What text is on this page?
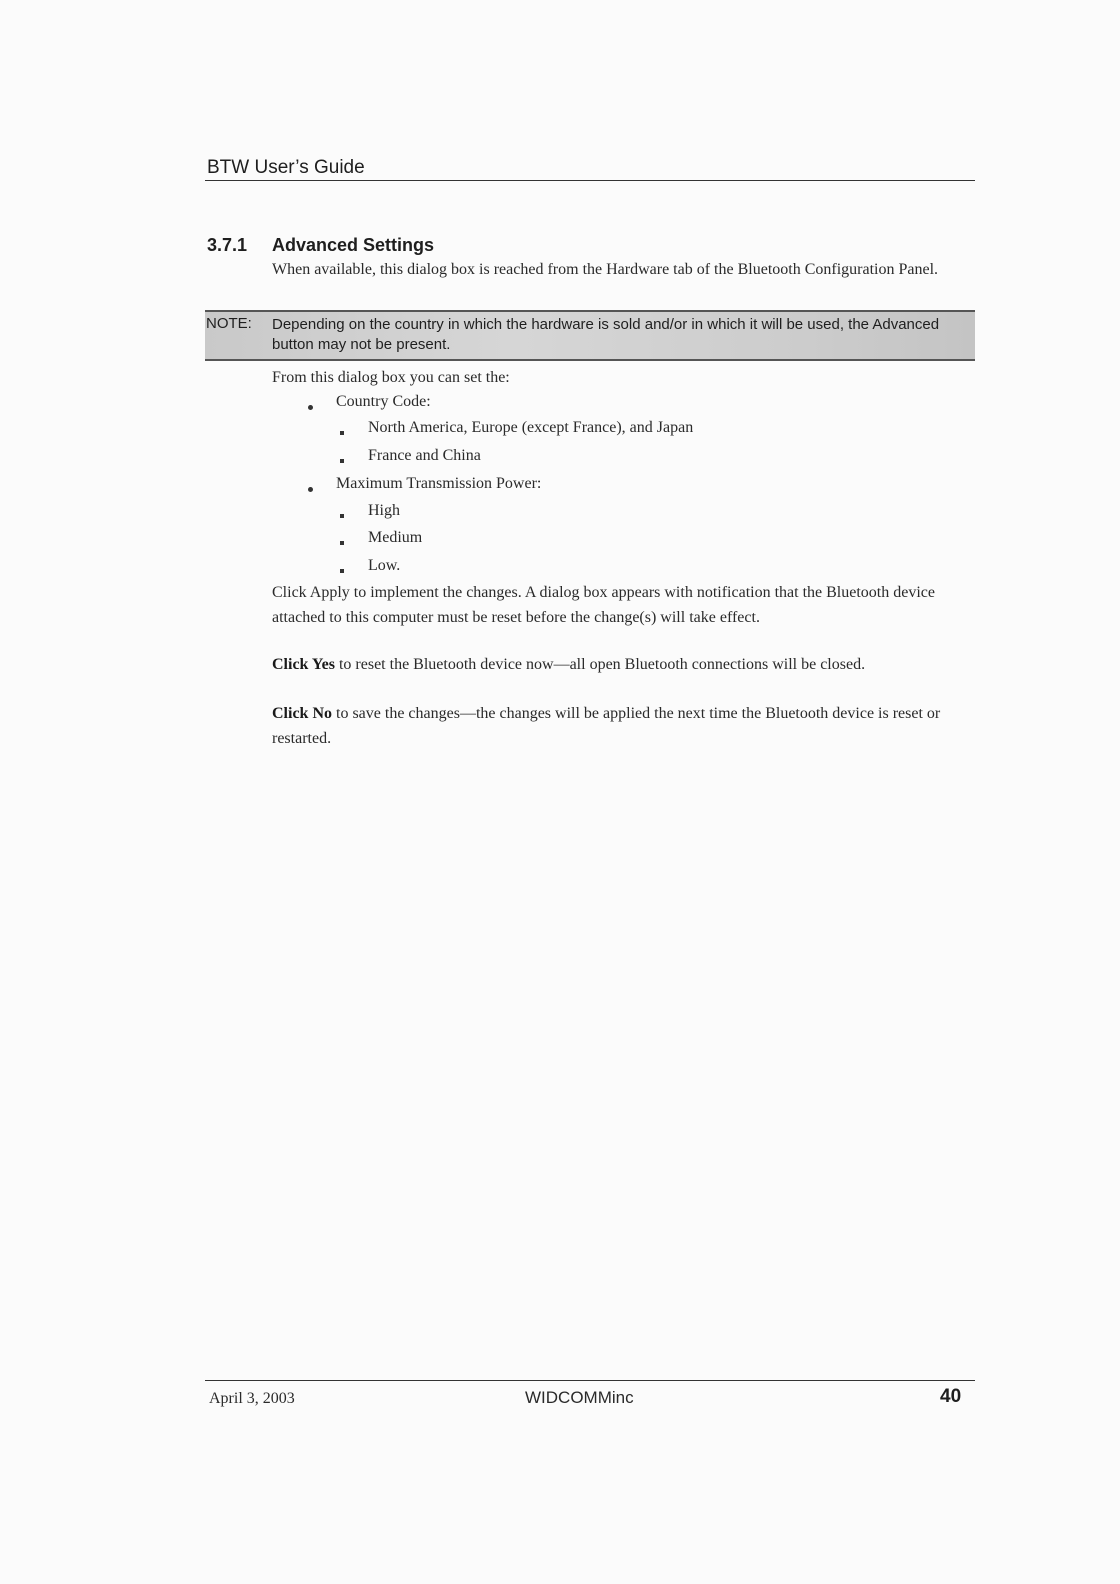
BTW User’s Guide
3.7.1 Advanced Settings
When available, this dialog box is reached from the Hardware tab of the Bluetooth Configuration Panel.
NOTE: Depending on the country in which the hardware is sold and/or in which it will be used, the Advanced button may not be present.
From this dialog box you can set the:
Country Code:
North America, Europe (except France), and Japan
France and China
Maximum Transmission Power:
High
Medium
Low.
Click Apply to implement the changes. A dialog box appears with notification that the Bluetooth device attached to this computer must be reset before the change(s) will take effect.
Click Yes to reset the Bluetooth device now—all open Bluetooth connections will be closed.
Click No to save the changes—the changes will be applied the next time the Bluetooth device is reset or restarted.
April 3, 2003	WIDCOMMinc	40
